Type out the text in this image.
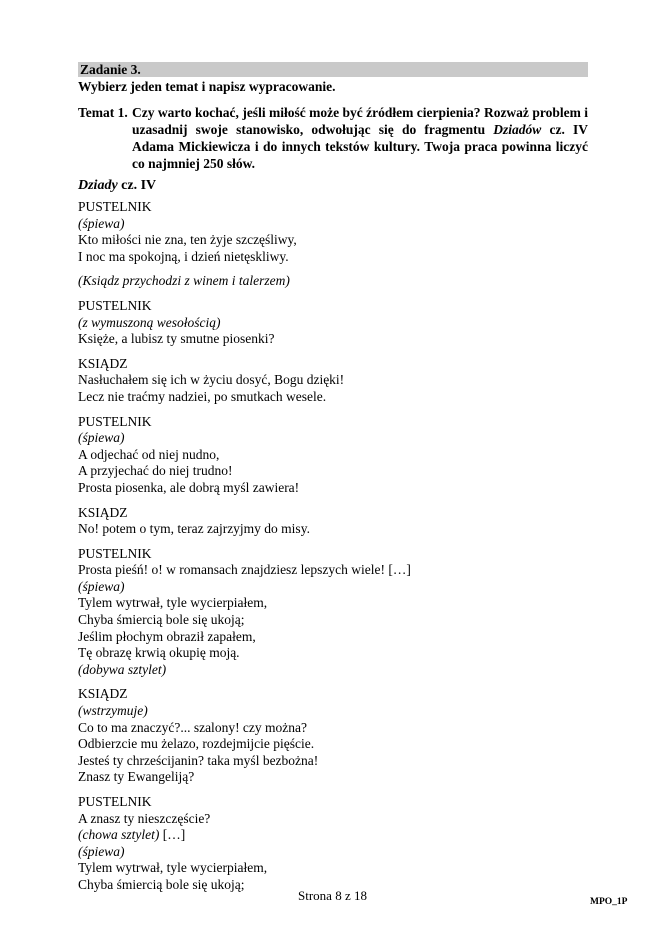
Zadanie 3.
Wybierz jeden temat i napisz wypracowanie.
Temat 1. Czy warto kochać, jeśli miłość może być źródłem cierpienia? Rozważ problem i uzasadnij swoje stanowisko, odwołując się do fragmentu Dziadów cz. IV Adama Mickiewicza i do innych tekstów kultury. Twoja praca powinna liczyć co najmniej 250 słów.
Dziady cz. IV
PUSTELNIK
(śpiewa)
Kto miłości nie zna, ten żyje szczęśliwy,
I noc ma spokojną, i dzień nietęskliwy.
(Ksiądz przychodzi z winem i talerzem)
PUSTELNIK
(z wymuszoną wesołością)
Księże, a lubisz ty smutne piosenki?
KSIĄDZ
Nasłuchałem się ich w życiu dosyć, Bogu dzięki!
Lecz nie traćmy nadziei, po smutkach wesele.
PUSTELNIK
(śpiewa)
A odjechać od niej nudno,
A przyjechać do niej trudno!
Prosta piosenka, ale dobrą myśl zawiera!
KSIĄDZ
No! potem o tym, teraz zajrzyjmy do misy.
PUSTELNIK
Prosta pieśń! o! w romansach znajdziesz lepszych wiele! […]
(śpiewa)
Tylem wytrwał, tyle wycierpiałem,
Chyba śmiercią bole się ukoją;
Jeślim płochym obraził zapałem,
Tę obrazę krwią okupię moją.
(dobywa sztylet)
KSIĄDZ
(wstrzymuje)
Co to ma znaczyć?... szalony! czy można?
Odbierzcie mu żelazo, rozdejmijcie pięście.
Jesteś ty chrześcijanin? taka myśl bezbożna!
Znasz ty Ewangeliją?
PUSTELNIK
A znasz ty nieszczęście?
(chowa sztylet) […]
(śpiewa)
Tylem wytrwał, tyle wycierpiałem,
Chyba śmiercią bole się ukoją;
Strona 8 z 18	MPO_1P
